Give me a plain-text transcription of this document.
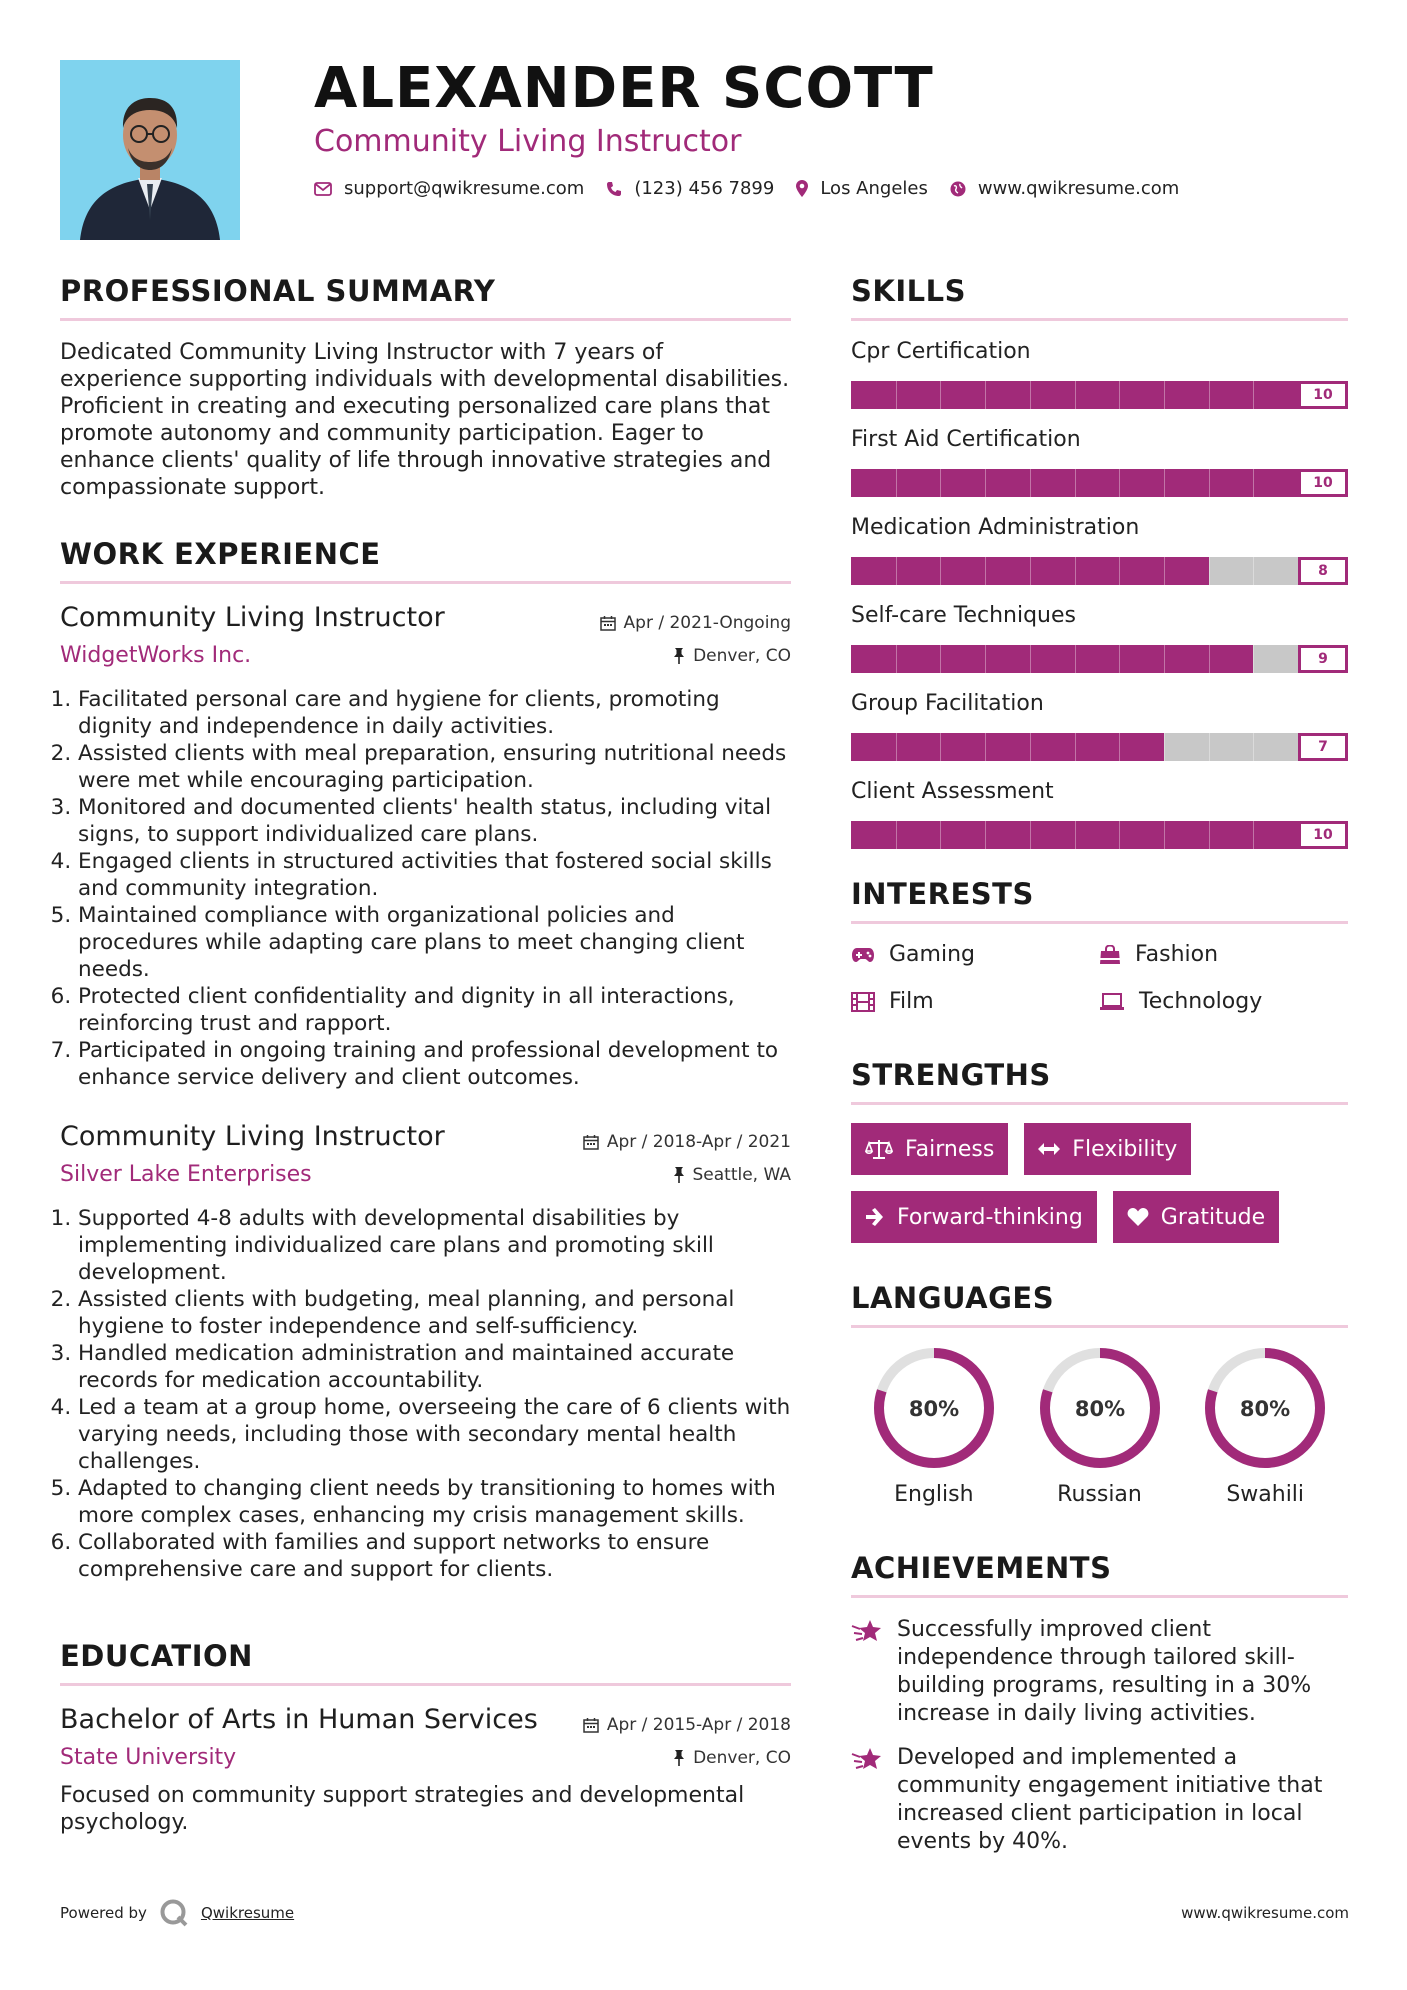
ALEXANDER SCOTT
Community Living Instructor
support@qwikresume.com	(123) 456 7899	Los Angeles	www.qwikresume.com
PROFESSIONAL SUMMARY
Dedicated Community Living Instructor with 7 years of experience supporting individuals with developmental disabilities. Proficient in creating and executing personalized care plans that promote autonomy and community participation. Eager to enhance clients' quality of life through innovative strategies and compassionate support.
WORK EXPERIENCE
Community Living Instructor	Apr / 2021-Ongoing
WidgetWorks Inc.	Denver, CO
1. Facilitated personal care and hygiene for clients, promoting dignity and independence in daily activities.
2. Assisted clients with meal preparation, ensuring nutritional needs were met while encouraging participation.
3. Monitored and documented clients' health status, including vital signs, to support individualized care plans.
4. Engaged clients in structured activities that fostered social skills and community integration.
5. Maintained compliance with organizational policies and procedures while adapting care plans to meet changing client needs.
6. Protected client confidentiality and dignity in all interactions, reinforcing trust and rapport.
7. Participated in ongoing training and professional development to enhance service delivery and client outcomes.
Community Living Instructor	Apr / 2018-Apr / 2021
Silver Lake Enterprises	Seattle, WA
1. Supported 4-8 adults with developmental disabilities by implementing individualized care plans and promoting skill development.
2. Assisted clients with budgeting, meal planning, and personal hygiene to foster independence and self-sufficiency.
3. Handled medication administration and maintained accurate records for medication accountability.
4. Led a team at a group home, overseeing the care of 6 clients with varying needs, including those with secondary mental health challenges.
5. Adapted to changing client needs by transitioning to homes with more complex cases, enhancing my crisis management skills.
6. Collaborated with families and support networks to ensure comprehensive care and support for clients.
EDUCATION
Bachelor of Arts in Human Services	Apr / 2015-Apr / 2018
State University	Denver, CO
Focused on community support strategies and developmental psychology.
SKILLS
Cpr Certification
10
First Aid Certification
10
Medication Administration
8
Self-care Techniques
9
Group Facilitation
7
Client Assessment
10
INTERESTS
Gaming	Fashion
Film	Technology
STRENGTHS
Fairness	Flexibility
Forward-thinking	Gratitude
LANGUAGES
80%
English
80%
Russian
80%
Swahili
ACHIEVEMENTS
Successfully improved client independence through tailored skill-building programs, resulting in a 30% increase in daily living activities.
Developed and implemented a community engagement initiative that increased client participation in local events by 40%.
Powered by	Qwikresume	www.qwikresume.com
